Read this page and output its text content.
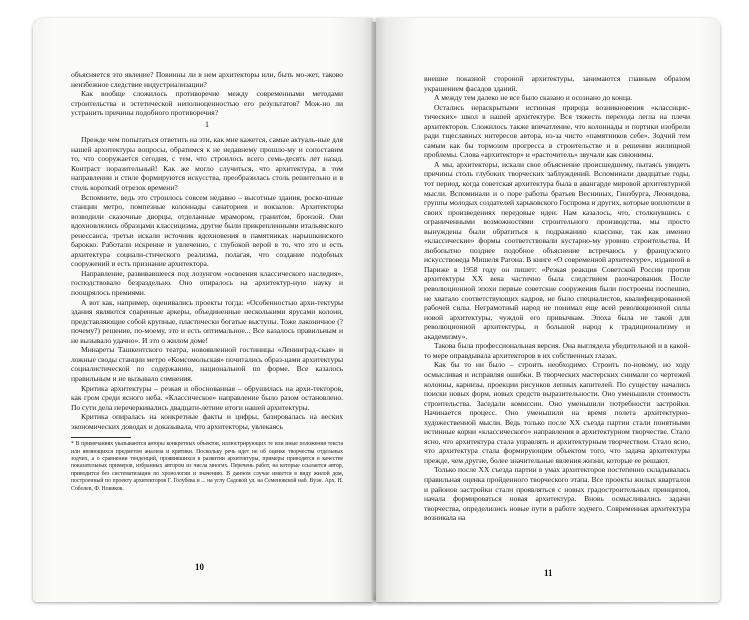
объясняется это явление? Повинны ли в нем архитекторы или, быть мо-жет, таково неизбежное следствие индустриализации?

Как вообще сложилось противоречие между современными методами строительства и эстетической неполноценностью его результатов? Мож-но ли устранить причины подобного противоречия?

1

Прежде чем попытаться ответить на эти, как мне кажется, самые актуаль-ные для нашей архитектуры вопросы, обратимся к не недавнему прошло-му и сопоставим то, что сооружается сегодня, с тем, что строилось всего семь-десять лет назад. Контраст поразительный! Как же могло случиться, что архитектура, в том направлении и стиле формируются искусства, преобразилась столь решительно и в столь короткий отрезок времени?

Вспомните, ведь это строилось совсем недавно – высотные здания, роско-шные станции метро, помпезные колоннады санаториев и вокзалов. Архитекторы возводили сказочные дворцы, отделанные мрамором, гранитом, бронзой. Они вдохновлялись образцами классицизма, другие были прикрепленными итальянского ренессанса, третьи искали источник вдохновения в памятниках нарышкинского барокко. Работали искренне и увлеченно, с глубокой верой в то, что это и есть архитектура социали-стического реализма, полагая, что создание подобных сооружений и есть признание архитектора.

Направление, развивавшееся под лозунгом «освоения классического наследия», господствовало безраздельно. Оно опиралось на архитектур-ную науку и поощрялось премиями.

А вот как, например, оценивались проекты тогда: «Особенностью архи-тектуры здания являются спаренные аркеры, объединенные несколькими ярусами колонн, представляющие собой крупные, пластически богатые выступы. Тоже лаконичное (? почему?) решение, по-моему, это и есть оптимальное... Все казалось правильным и не вызывало удачно». И это о жилом доме!

Минареты Ташкентского театра, новоявленной гостиницы «Ленинград-ская» и ложные своды станции метро «Комсомольская» почитались образ-цами архитектуры социалистической по содержанию, национальной по форме. Все казалось правильным и не вызывало сомнения.

Критика архитектуры – резкая и обоснованная – обрушилась на архи-текторов, как гром среди ясного неба. «Классическое» направление было разом остановлено. По сути дела перечеркивались двадцати-летние итоги нашей архитектуры.

Критика опиралась на конкретные факты и цифры, базировалась на веских экономических доводах и доказывала, что архитекторы, увлекаясь

* В примечаниях указываются авторы конкретных объектов, иллюстрирующих те или иные положения текста или являющихся предметом анализа и критики. Поскольку речь идет не об оценке творчества отдельных зодчих, а о сравнении тенденций, проявившихся в развитии архитектуры, примеры приводятся в качестве показательных примеров, избранных автором из числа многих. Перечень работ, на которые ссылается автор, приводится без систематизации по хронологии и значению. В данном случае имеется в виду жилой дом, построенный по проекту архитекторов Г. Голубева и ... на углу Садовой ул. на Семеновской наб. Вуэн. Арх. Н. Соболев, Ф. Новиков.
10

внешне показной стороной архитектуры, занимаются главным образом украшением фасадов зданий.

А между тем далеко не все было сказано и осознано до конца.

Остались нераскрытыми истинная природа возникновения «классицис-тических» школ в нашей архитектуре. Вся тяжесть перехода легла на плечи архитекторов. Сложилось также впечатление, что колоннады и портики изобрели ради тщеславных интересов автора, из-за чисто «памятников себе». Зодчий тем самым как бы тормозом прогресса в строительстве и в решении жилищной проблемы. Слова «архитектор» и «расточитель» звучали как синонимы.

А мы, архитекторы, искали свое объяснение происшедшему, пытаясь увидеть причины столь глубоких творческих заблуждений. Вспоминали двадцатые годы, тот период, когда советская архитектура была в авангарде мировой архитектурной мысли. Вспоминали и о поре работы братьев Весниных, Гинзбурга, Леонидова, группы молодых создателей харьковского Госпрома и других, которые воплотили в своих произведениях передовые идеи. Нам казалось, что, столкнувшись с ограниченными возможностями строительного производства, мы просто вынуждены были обратиться к подражанию классике, так как именно «классические» формы соответствовали кустарно-му уровню строительства. И любопытно позднее подобное объяснение встречаюсь у французского искусствоведа Мишеля Рагона. В книге «О современной архитектуре», изданной в Париже в 1958 году он пишет: «Резкая реакция Советской России против архитектуры XX века частично была следствием разочарования. После революционной эпохи первые советские сооружения были построены поспешно, не хватало соответствующих кадров, не было специалистов, квалифицированной рабочей силы. Неграмотный народ не понимал еще всей революционной силы новой архитектуры, чуждой его привычкам. Эпоха была не такой для революционной архитектуры, и большой народ к традиционализму и академизму».

Такова была профессиональная версия. Она выглядела убедительной и в какой-то мере оправдывала архитекторов в их собственных глазах.

Как бы то ни было – строить необходимо. Строить по-новому, но ходу осмысливая и исправляя ошибки. В творческих мастерских снимали со чертежей колонны, карнизы, проекции рисунков лепных капителей. По существу начались поиски новых форм, новых средств выразительности. Оно уменьшили стоимость строительства. Заседали комиссии. Оно уменьшили потребности застройки. Начинается процесс. Оно уменьшили на время полета архитектурно-художественной мысли. Ведь только после XX съезда партии стали понятными истинные корни «классического» направления в архитектурном творчестве. Стало ясно, что архитектура стала управлять и архитектурным творчеством. Стало ясно, что архитектура стала формирующим объектом того, что задача архитектуры прежде, чем другие, более значительные явления жизни, которые ее решают.

Только после XX съезда партии в умах архитекторов постепенно складывалась правильная оценка пройденного творческого этапа. Все проекты жилых кварталов и районов застройки стали проявляться с новых градостроительных принципов, начала формироваться новая архитектура. Вновь осмысливались задачи творчества, определились новые пути в работе зодчего. Современная архитектура возникала на

11
